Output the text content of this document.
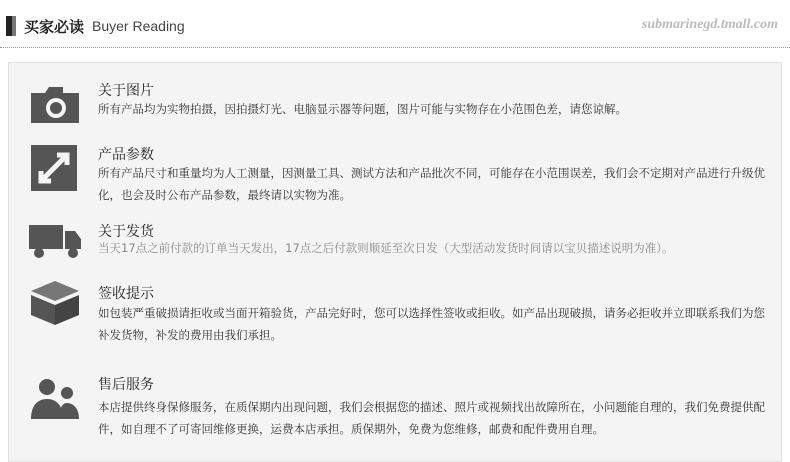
买家必读 Buyer Reading	submarinegd.tmall.com
关于图片
所有产品均为实物拍摄，因拍摄灯光、电脑显示器等问题，图片可能与实物存在小范围色差，请您谅解。
产品参数
所有产品尺寸和重量均为人工测量，因测量工具、测试方法和产品批次不同，可能存在小范围误差，我们会不定期对产品进行升级优化，也会及时公布产品参数，最终请以实物为准。
关于发货
当天17点之前付款的订单当天发出，17点之后付款则顺延至次日发（大型活动发货时间请以宝贝描述说明为准）。
签收提示
如包装严重破损请拒收或当面开箱验货，产品完好时，您可以选择性签收或拒收。如产品出现破损，请务必拒收并立即联系我们为您补发货物，补发的费用由我们承担。
售后服务
本店提供终身保修服务，在质保期内出现问题，我们会根据您的描述、照片或视频找出故障所在，小问题能自理的，我们免费提供配件，如自理不了可寄回维修更换，运费本店承担。质保期外，免费为您维修，邮费和配件费用自理。
